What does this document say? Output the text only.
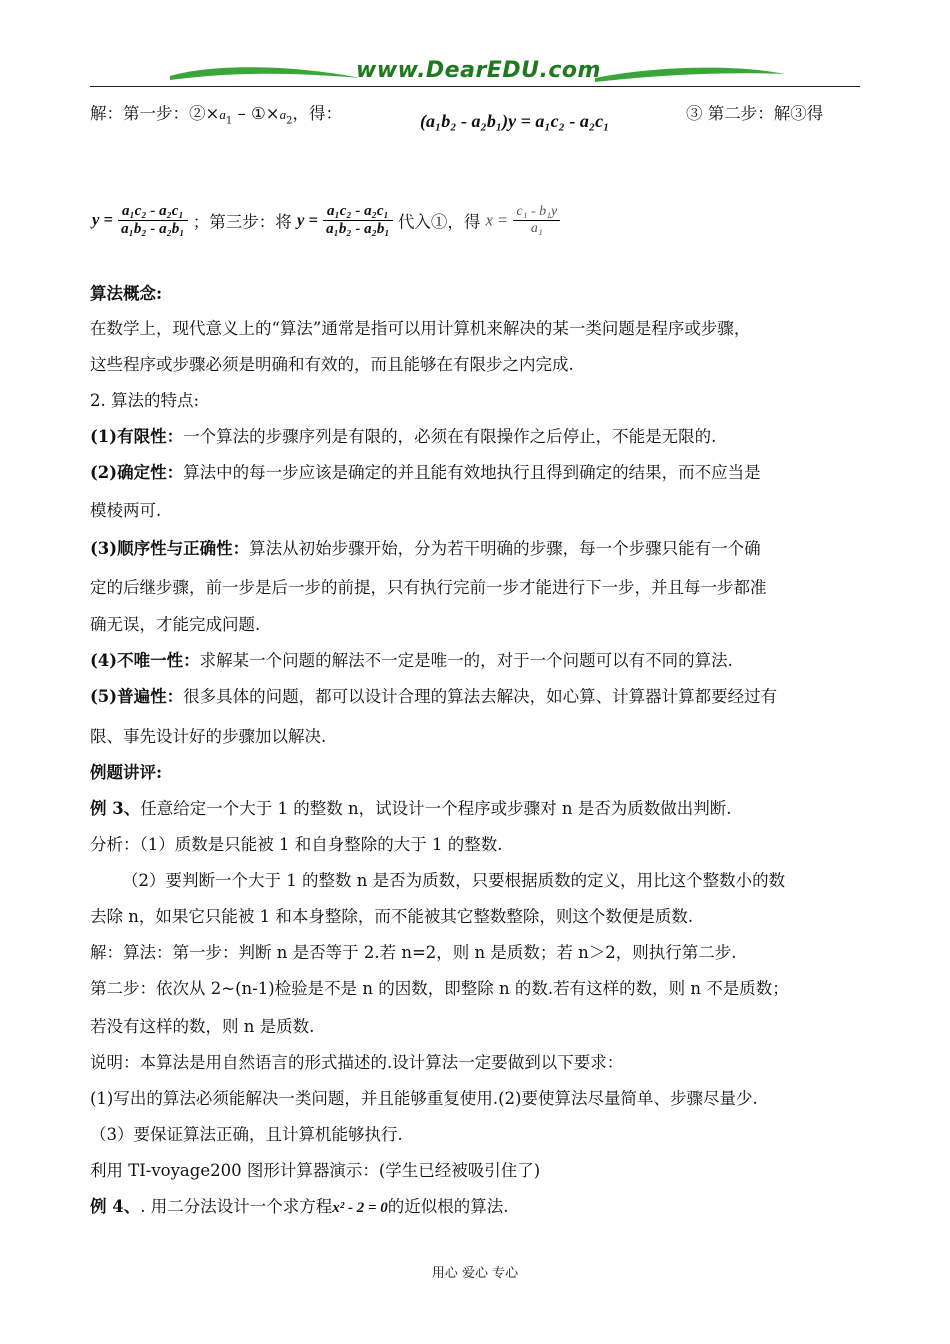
www.DearEDU.com
解：第一步：$②\times a_1$ – $①\times a_2$，得：	(a₁b₂ - a₂b₁)y = a₁c₂ - a₂c₁	③ 第二步：解③得
$y = \frac{\text{a₁c₂ - a₂c₁}}{\text{a₁b₂ - a₂b₁}}$ ；第三步：将 $y = \frac{\text{a₁c₂ - a₂c₁}}{\text{a₁b₂ - a₂b₁}}$ 代入①，得 $x = \frac{\text{c₁ - b₁y}}{\text{a₁}}$
算法概念:
在数学上，现代意义上的“算法”通常是指可以用计算机来解决的某一类问题是程序或步骤，
这些程序或步骤必须是明确和有效的，而且能够在有限步之内完成.
2. 算法的特点:
(1)有限性：一个算法的步骤序列是有限的，必须在有限操作之后停止，不能是无限的.
(2)确定性：算法中的每一步应该是确定的并且能有效地执行且得到确定的结果，而不应当是
模棱两可.
(3)顺序性与正确性：算法从初始步骤开始，分为若干明确的步骤，每一个步骤只能有一个确
定的后继步骤，前一步是后一步的前提，只有执行完前一步才能进行下一步，并且每一步都准
确无误，才能完成问题.
(4)不唯一性：求解某一个问题的解法不一定是唯一的，对于一个问题可以有不同的算法.
(5)普遍性：很多具体的问题，都可以设计合理的算法去解决，如心算、计算器计算都要经过有
限、事先设计好的步骤加以解决.
例题讲评:
例 3、任意给定一个大于 1 的整数 n，试设计一个程序或步骤对 n 是否为质数做出判断.
分析：（1）质数是只能被 1 和自身整除的大于 1 的整数.
（2）要判断一个大于 1 的整数 n 是否为质数，只要根据质数的定义，用比这个整数小的数
去除 n，如果它只能被 1 和本身整除，而不能被其它整数整除，则这个数便是质数.
解：算法：第一步：判断 n 是否等于 2.若 n=2，则 n 是质数；若 n＞2，则执行第二步.
第二步：依次从 2~(n-1)检验是不是 n 的因数，即整除 n 的数.若有这样的数，则 n 不是质数；
若没有这样的数，则 n 是质数.
说明：本算法是用自然语言的形式描述的.设计算法一定要做到以下要求：
(1)写出的算法必须能解决一类问题，并且能够重复使用.(2)要使算法尽量简单、步骤尽量少.
（3）要保证算法正确，且计算机能够执行.
利用 TI-voyage200 图形计算器演示：(学生已经被吸引住了)
例 4、. 用二分法设计一个求方程x² - 2 = 0的近似根的算法.
用心 爱心 专心
